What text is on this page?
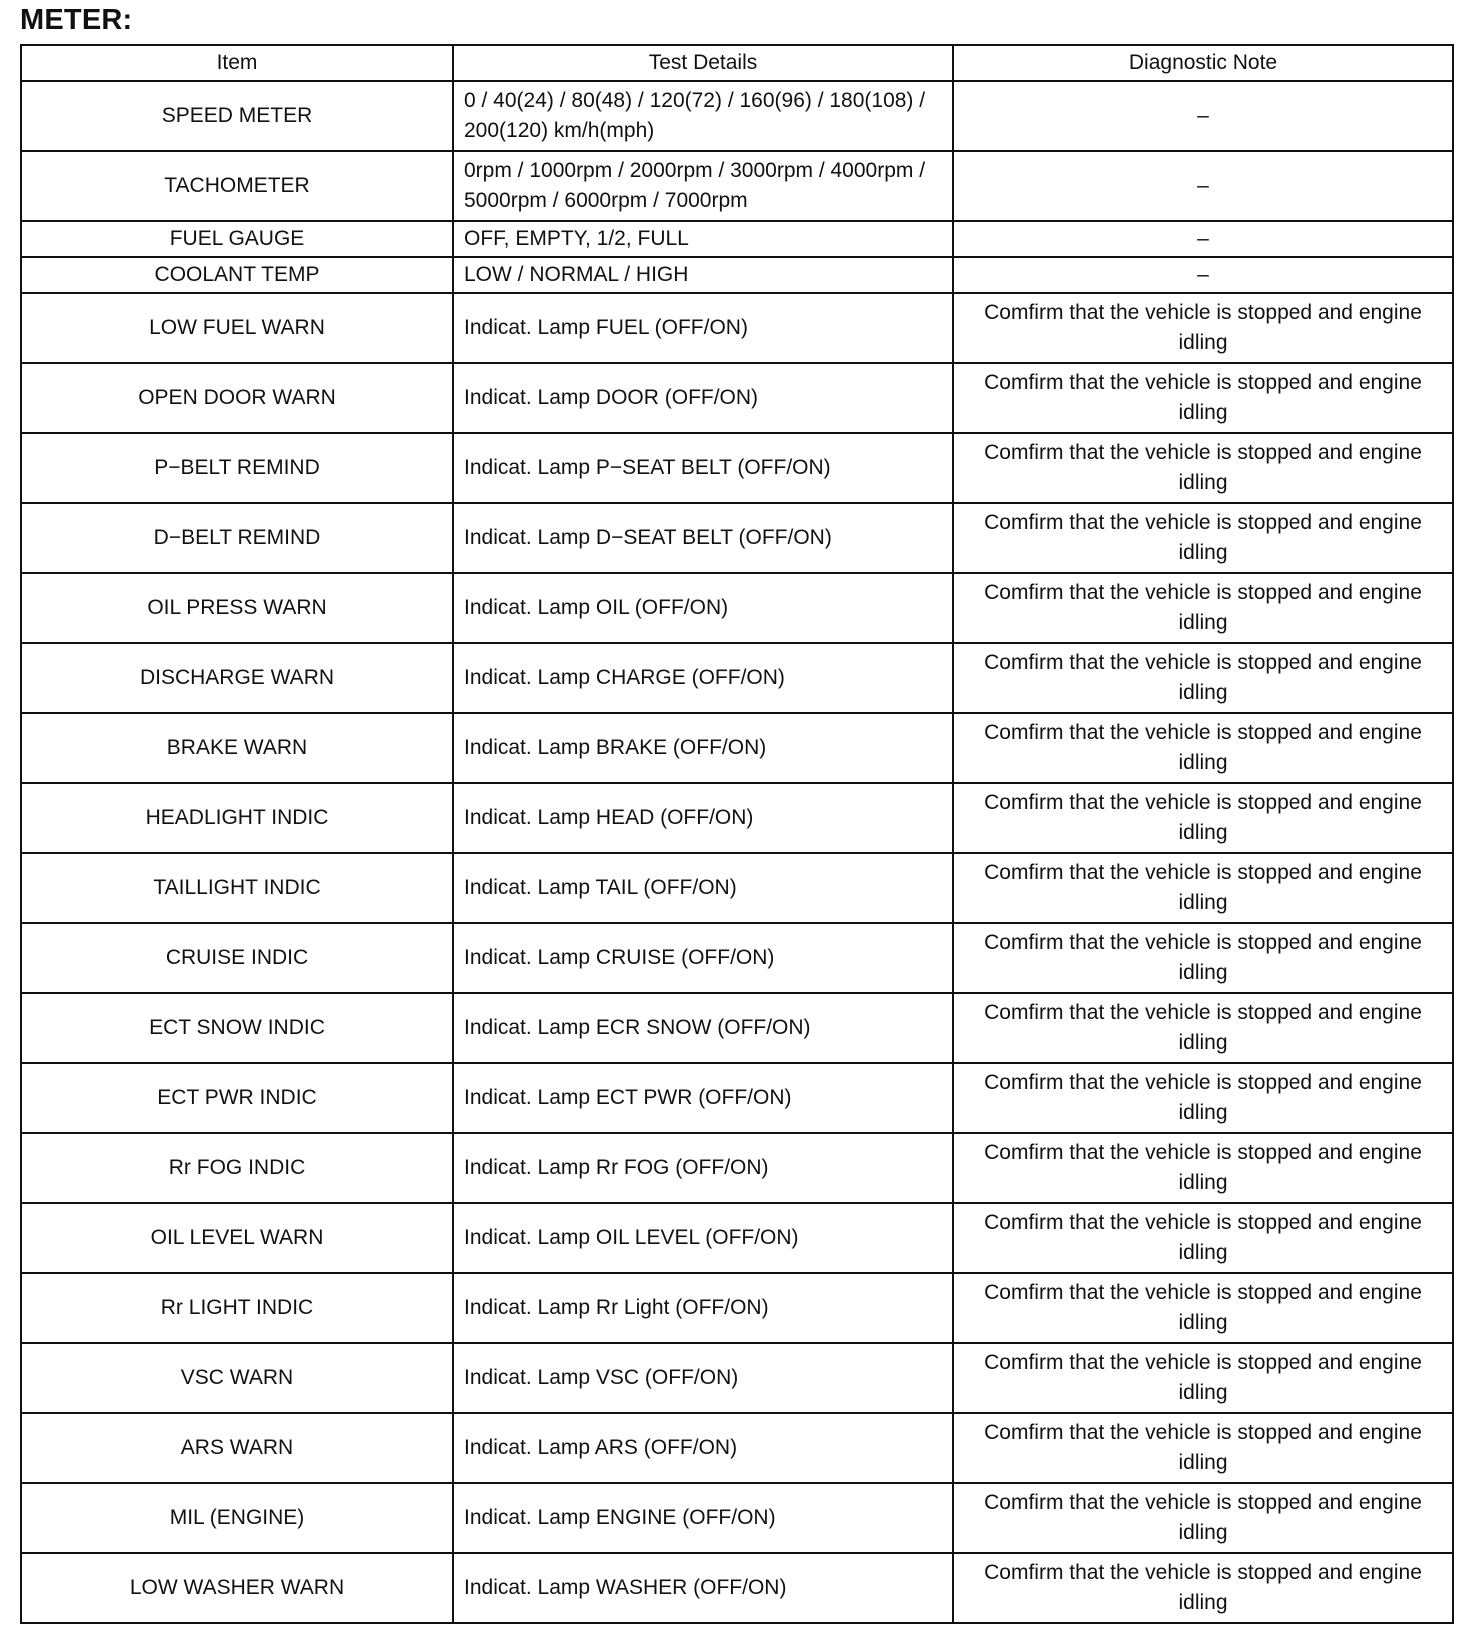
METER:
Item	Test Details	Diagnostic Note
SPEED METER	0 / 40(24) / 80(48) / 120(72) / 160(96) / 180(108) / 200(120) km/h(mph)	–
TACHOMETER	0rpm / 1000rpm / 2000rpm / 3000rpm / 4000rpm / 5000rpm / 6000rpm / 7000rpm	–
FUEL GAUGE	OFF, EMPTY, 1/2, FULL	–
COOLANT TEMP	LOW / NORMAL / HIGH	–
LOW FUEL WARN	Indicat. Lamp FUEL (OFF/ON)	Comfirm that the vehicle is stopped and engine idling
OPEN DOOR WARN	Indicat. Lamp DOOR (OFF/ON)	Comfirm that the vehicle is stopped and engine idling
P−BELT REMIND	Indicat. Lamp P−SEAT BELT (OFF/ON)	Comfirm that the vehicle is stopped and engine idling
D−BELT REMIND	Indicat. Lamp D−SEAT BELT (OFF/ON)	Comfirm that the vehicle is stopped and engine idling
OIL PRESS WARN	Indicat. Lamp OIL (OFF/ON)	Comfirm that the vehicle is stopped and engine idling
DISCHARGE WARN	Indicat. Lamp CHARGE (OFF/ON)	Comfirm that the vehicle is stopped and engine idling
BRAKE WARN	Indicat. Lamp BRAKE (OFF/ON)	Comfirm that the vehicle is stopped and engine idling
HEADLIGHT INDIC	Indicat. Lamp HEAD (OFF/ON)	Comfirm that the vehicle is stopped and engine idling
TAILLIGHT INDIC	Indicat. Lamp TAIL (OFF/ON)	Comfirm that the vehicle is stopped and engine idling
CRUISE INDIC	Indicat. Lamp CRUISE (OFF/ON)	Comfirm that the vehicle is stopped and engine idling
ECT SNOW INDIC	Indicat. Lamp ECR SNOW (OFF/ON)	Comfirm that the vehicle is stopped and engine idling
ECT PWR INDIC	Indicat. Lamp ECT PWR (OFF/ON)	Comfirm that the vehicle is stopped and engine idling
Rr FOG INDIC	Indicat. Lamp Rr FOG (OFF/ON)	Comfirm that the vehicle is stopped and engine idling
OIL LEVEL WARN	Indicat. Lamp OIL LEVEL (OFF/ON)	Comfirm that the vehicle is stopped and engine idling
Rr LIGHT INDIC	Indicat. Lamp Rr Light (OFF/ON)	Comfirm that the vehicle is stopped and engine idling
VSC WARN	Indicat. Lamp VSC (OFF/ON)	Comfirm that the vehicle is stopped and engine idling
ARS WARN	Indicat. Lamp ARS (OFF/ON)	Comfirm that the vehicle is stopped and engine idling
MIL (ENGINE)	Indicat. Lamp ENGINE (OFF/ON)	Comfirm that the vehicle is stopped and engine idling
LOW WASHER WARN	Indicat. Lamp WASHER (OFF/ON)	Comfirm that the vehicle is stopped and engine idling
